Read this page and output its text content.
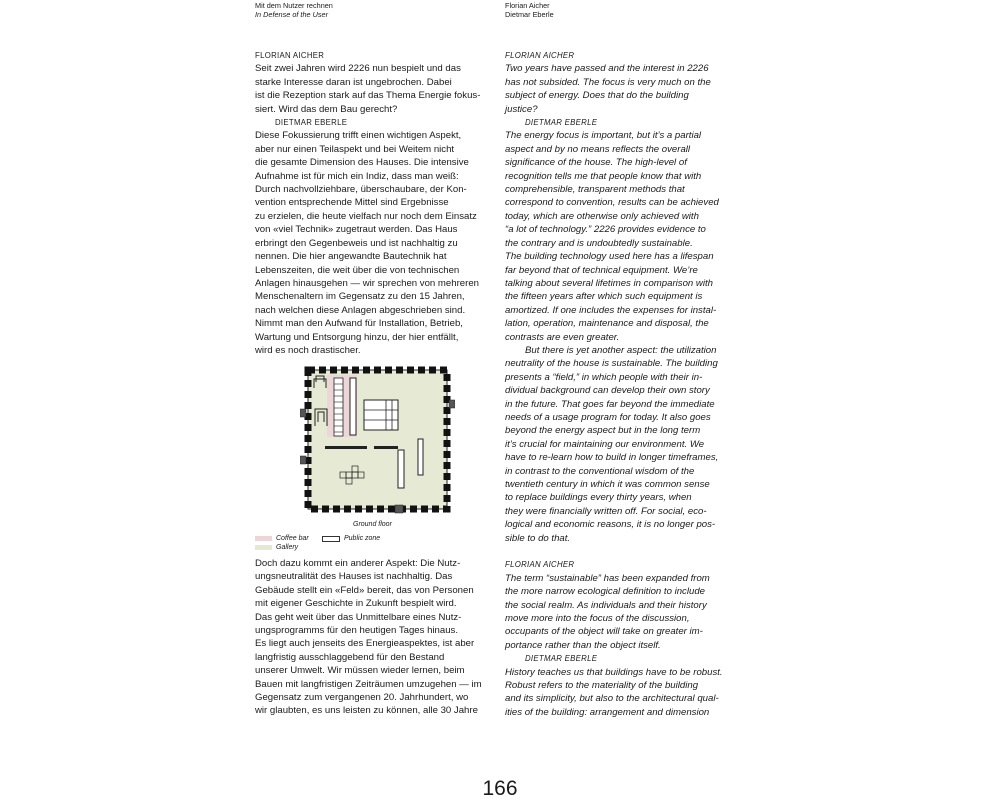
Mit dem Nutzer rechnen
In Defense of the User
Florian Aicher
Dietmar Eberle

FLORIAN AICHER

Seit zwei Jahren wird 2226 nun bespielt und das
starke Interesse daran ist ungebrochen. Dabei
ist die Rezeption stark auf das Thema Energie fokus-
siert. Wird das dem Bau gerecht?

DIETMAR EBERLE

Diese Fokussierung trifft einen wichtigen Aspekt,
aber nur einen Teilaspekt und bei Weitem nicht
die gesamte Dimension des Hauses. Die intensive
Aufnahme ist für mich ein Indiz, dass man weiß:
Durch nachvollziehbare, überschaubare, der Kon-
vention entsprechende Mittel sind Ergebnisse
zu erzielen, die heute vielfach nur noch dem Einsatz
von «viel Technik» zugetraut werden. Das Haus
erbringt den Gegenbeweis und ist nachhaltig zu
nennen. Die hier angewandte Bautechnik hat
Lebenszeiten, die weit über die von technischen
Anlagen hinausgehen — wir sprechen von mehreren
Menschenaltern im Gegensatz zu den 15 Jahren,
nach welchen diese Anlagen abgeschrieben sind.
Nimmt man den Aufwand für Installation, Betrieb,
Wartung und Entsorgung hinzu, der hier entfällt,
wird es noch drastischer.
Ground floor
Coffee bar
Gallery
Public zone
Doch dazu kommt ein anderer Aspekt: Die Nutz-
ungsneutralität des Hauses ist nachhaltig. Das
Gebäude stellt ein «Feld» bereit, das von Personen
mit eigener Geschichte in Zukunft bespielt wird.
Das geht weit über das Unmittelbare eines Nutz-
ungsprogramms für den heutigen Tages hinaus.
Es liegt auch jenseits des Energieaspektes, ist aber
langfristig ausschlaggebend für den Bestand
unserer Umwelt. Wir müssen wieder lernen, beim
Bauen mit langfristigen Zeiträumen umzugehen — im
Gegensatz zum vergangenen 20. Jahrhundert, wo
wir glaubten, es uns leisten zu können, alle 30 Jahre

FLORIAN AICHER

Two years have passed and the interest in 2226
has not subsided. The focus is very much on the
subject of energy. Does that do the building
justice?

DIETMAR EBERLE

The energy focus is important, but it’s a partial
aspect and by no means reflects the overall
significance of the house. The high-level of
recognition tells me that people know that with
comprehensible, transparent methods that
correspond to convention, results can be achieved
today, which are otherwise only achieved with
“a lot of technology.” 2226 provides evidence to
the contrary and is undoubtedly sustainable.
The building technology used here has a lifespan
far beyond that of technical equipment. We’re
talking about several lifetimes in comparison with
the fifteen years after which such equipment is
amortized. If one includes the expenses for instal-
lation, operation, maintenance and disposal, the
contrasts are even greater.
But there is yet another aspect: the utilization
neutrality of the house is sustainable. The building
presents a “field,” in which people with their in-
dividual background can develop their own story
in the future. That goes far beyond the immediate
needs of a usage program for today. It also goes
beyond the energy aspect but in the long term
it’s crucial for maintaining our environment. We
have to re-learn how to build in longer timeframes,
in contrast to the conventional wisdom of the
twentieth century in which it was common sense
to replace buildings every thirty years, when
they were financially written off. For social, eco-
logical and economic reasons, it is no longer pos-
sible to do that.

FLORIAN AICHER

The term “sustainable” has been expanded from
the more narrow ecological definition to include
the social realm. As individuals and their history
move more into the focus of the discussion,
occupants of the object will take on greater im-
portance rather than the object itself.

DIETMAR EBERLE

History teaches us that buildings have to be robust.
Robust refers to the materiality of the building
and its simplicity, but also to the architectural qual-
ities of the building: arrangement and dimension
166
